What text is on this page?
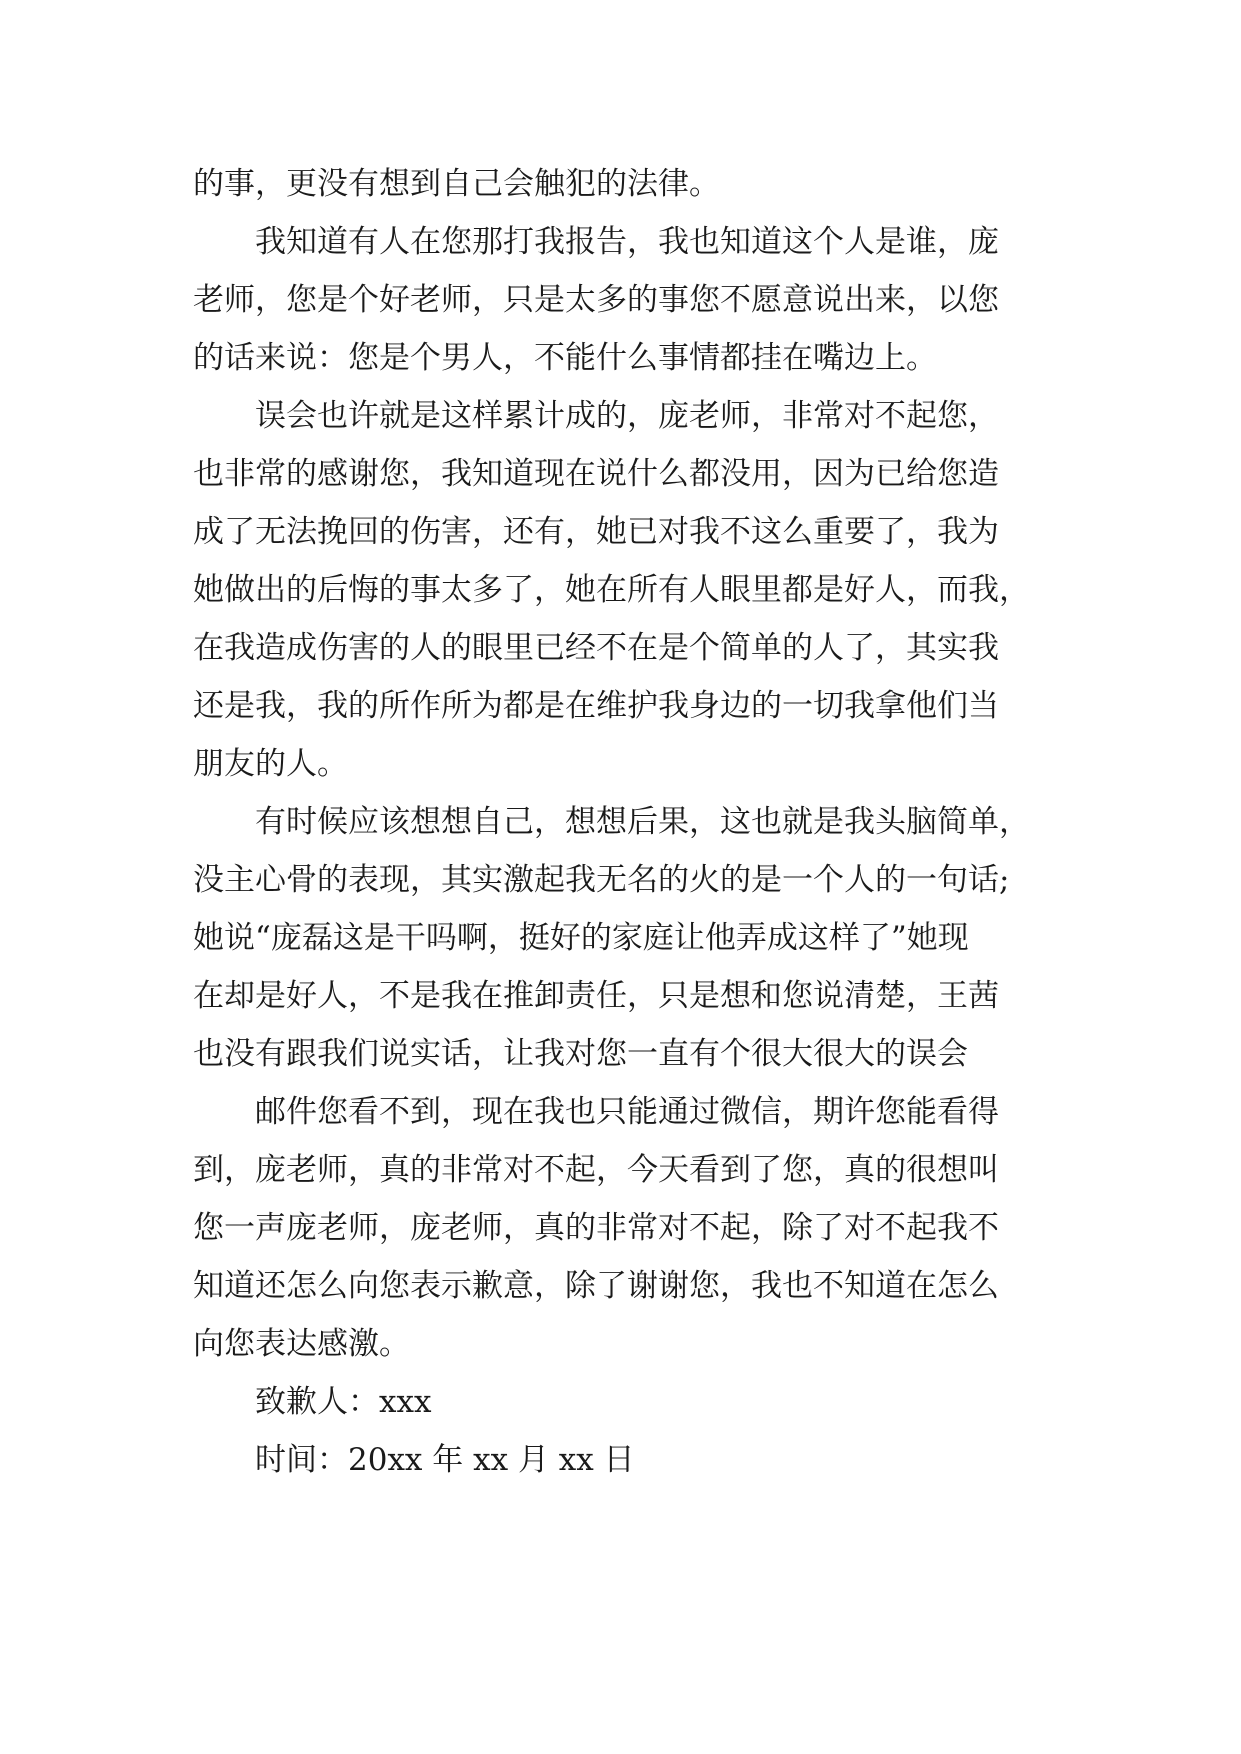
的事，更没有想到自己会触犯的法律。
我知道有人在您那打我报告，我也知道这个人是谁，庞
老师，您是个好老师，只是太多的事您不愿意说出来，以您
的话来说：您是个男人，不能什么事情都挂在嘴边上。
误会也许就是这样累计成的，庞老师，非常对不起您，
也非常的感谢您，我知道现在说什么都没用，因为已给您造
成了无法挽回的伤害，还有，她已对我不这么重要了，我为
她做出的后悔的事太多了，她在所有人眼里都是好人，而我，
在我造成伤害的人的眼里已经不在是个简单的人了，其实我
还是我，我的所作所为都是在维护我身边的一切我拿他们当
朋友的人。
有时候应该想想自己，想想后果，这也就是我头脑简单，
没主心骨的表现，其实激起我无名的火的是一个人的一句话;
她说“庞磊这是干吗啊，挺好的家庭让他弄成这样了”她现
在却是好人，不是我在推卸责任，只是想和您说清楚，王茜
也没有跟我们说实话，让我对您一直有个很大很大的误会
邮件您看不到，现在我也只能通过微信，期许您能看得
到，庞老师，真的非常对不起，今天看到了您，真的很想叫
您一声庞老师，庞老师，真的非常对不起，除了对不起我不
知道还怎么向您表示歉意，除了谢谢您，我也不知道在怎么
向您表达感激。
致歉人：xxx
时间：20xx 年 xx 月 xx 日
